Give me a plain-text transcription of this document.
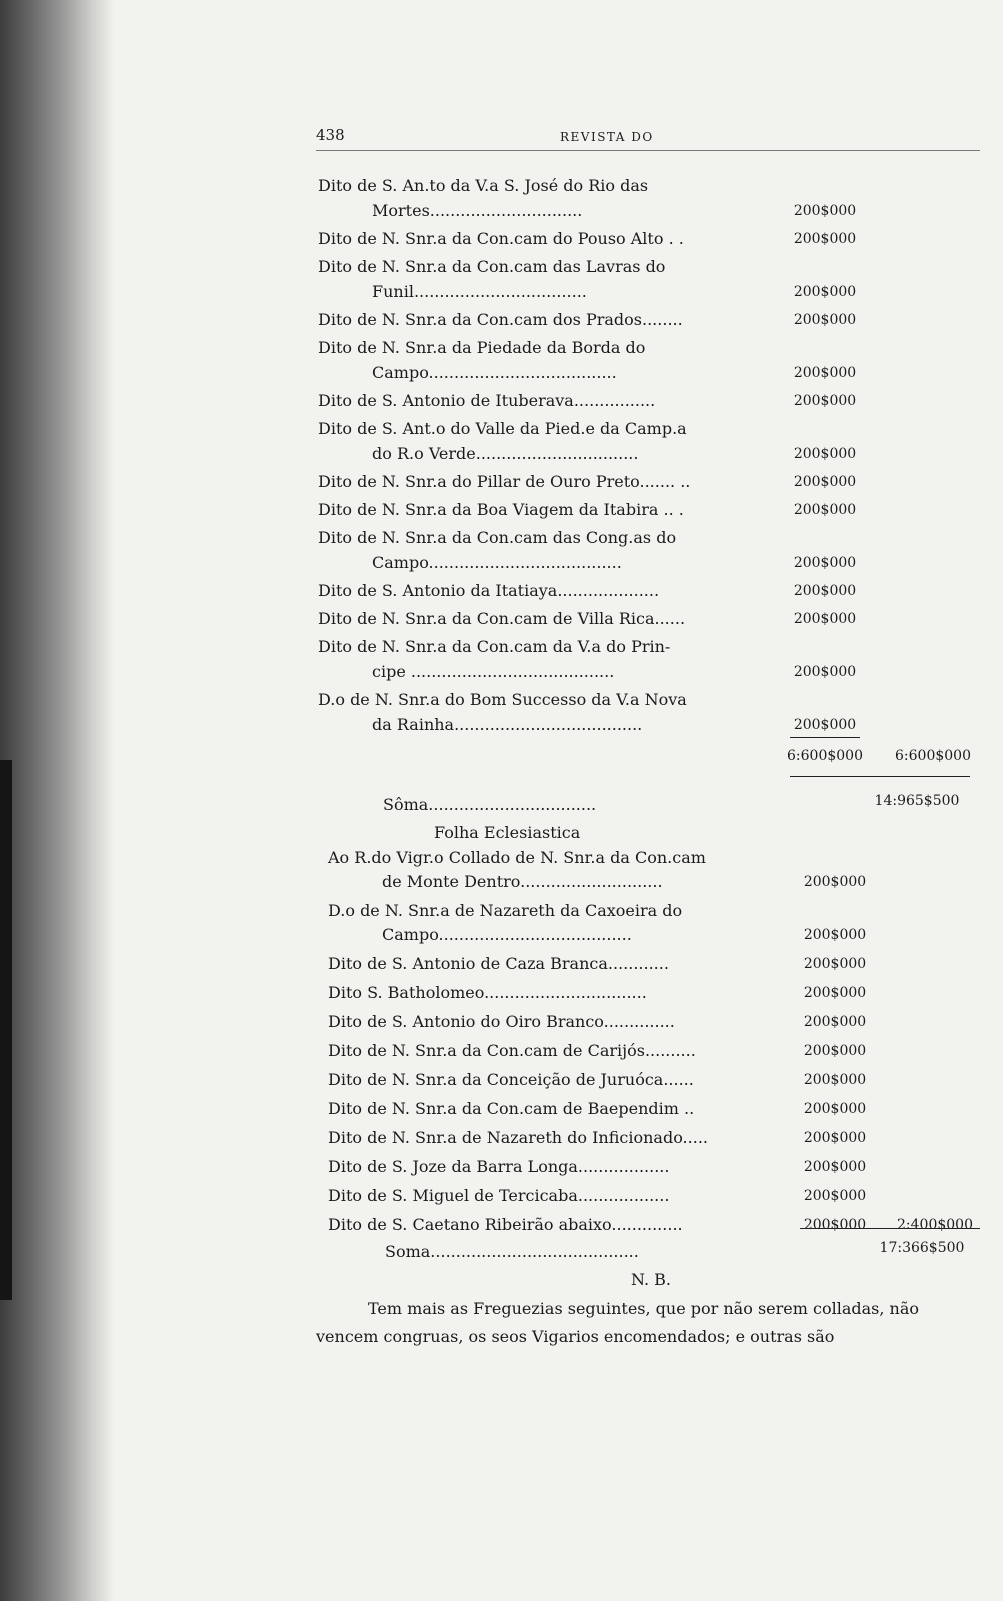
438	REVISTA DO
Dito de S. An.to da V.a S. José do Rio das
Mortes..............................	200$000
Dito de N. Snr.a da Con.cam do Pouso Alto . .	200$000
Dito de N. Snr.a da Con.cam das Lavras do
Funil..................................	200$000
Dito de N. Snr.a da Con.cam dos Prados........	200$000
Dito de N. Snr.a da Piedade da Borda do
Campo.....................................	200$000
Dito de S. Antonio de Ituberava................	200$000
Dito de S. Ant.o do Valle da Pied.e da Camp.a
do R.o Verde................................	200$000
Dito de N. Snr.a do Pillar de Ouro Preto....... ..	200$000
Dito de N. Snr.a da Boa Viagem da Itabira .. .	200$000
Dito de N. Snr.a da Con.cam das Cong.as do
Campo......................................	200$000
Dito de S. Antonio da Itatiaya....................	200$000
Dito de N. Snr.a da Con.cam de Villa Rica......	200$000
Dito de N. Snr.a da Con.cam da V.a do Prin-
cipe ........................................	200$000
D.o de N. Snr.a do Bom Successo da V.a Nova
da Rainha.....................................	200$000
6:600$000	6:600$000
Sôma.................................	14:965$500
Folha Eclesiastica
Ao R.do Vigr.o Collado de N. Snr.a da Con.cam
de Monte Dentro............................	200$000
D.o de N. Snr.a de Nazareth da Caxoeira do
Campo......................................	200$000
Dito de S. Antonio de Caza Branca............	200$000
Dito S. Batholomeo................................	200$000
Dito de S. Antonio do Oiro Branco..............	200$000
Dito de N. Snr.a da Con.cam de Carijós..........	200$000
Dito de N. Snr.a da Conceição de Juruóca......	200$000
Dito de N. Snr.a da Con.cam de Baependim ..	200$000
Dito de N. Snr.a de Nazareth do Inficionado.....	200$000
Dito de S. Joze da Barra Longa..................	200$000
Dito de S. Miguel de Tercicaba..................	200$000
Dito de S. Caetano Ribeirão abaixo..............	200$000	2:400$000
Soma.........................................	17:366$500
N. B.
Tem mais as Freguezias seguintes, que por não serem colladas, não
vencem congruas, os seos Vigarios encomendados; e outras são
